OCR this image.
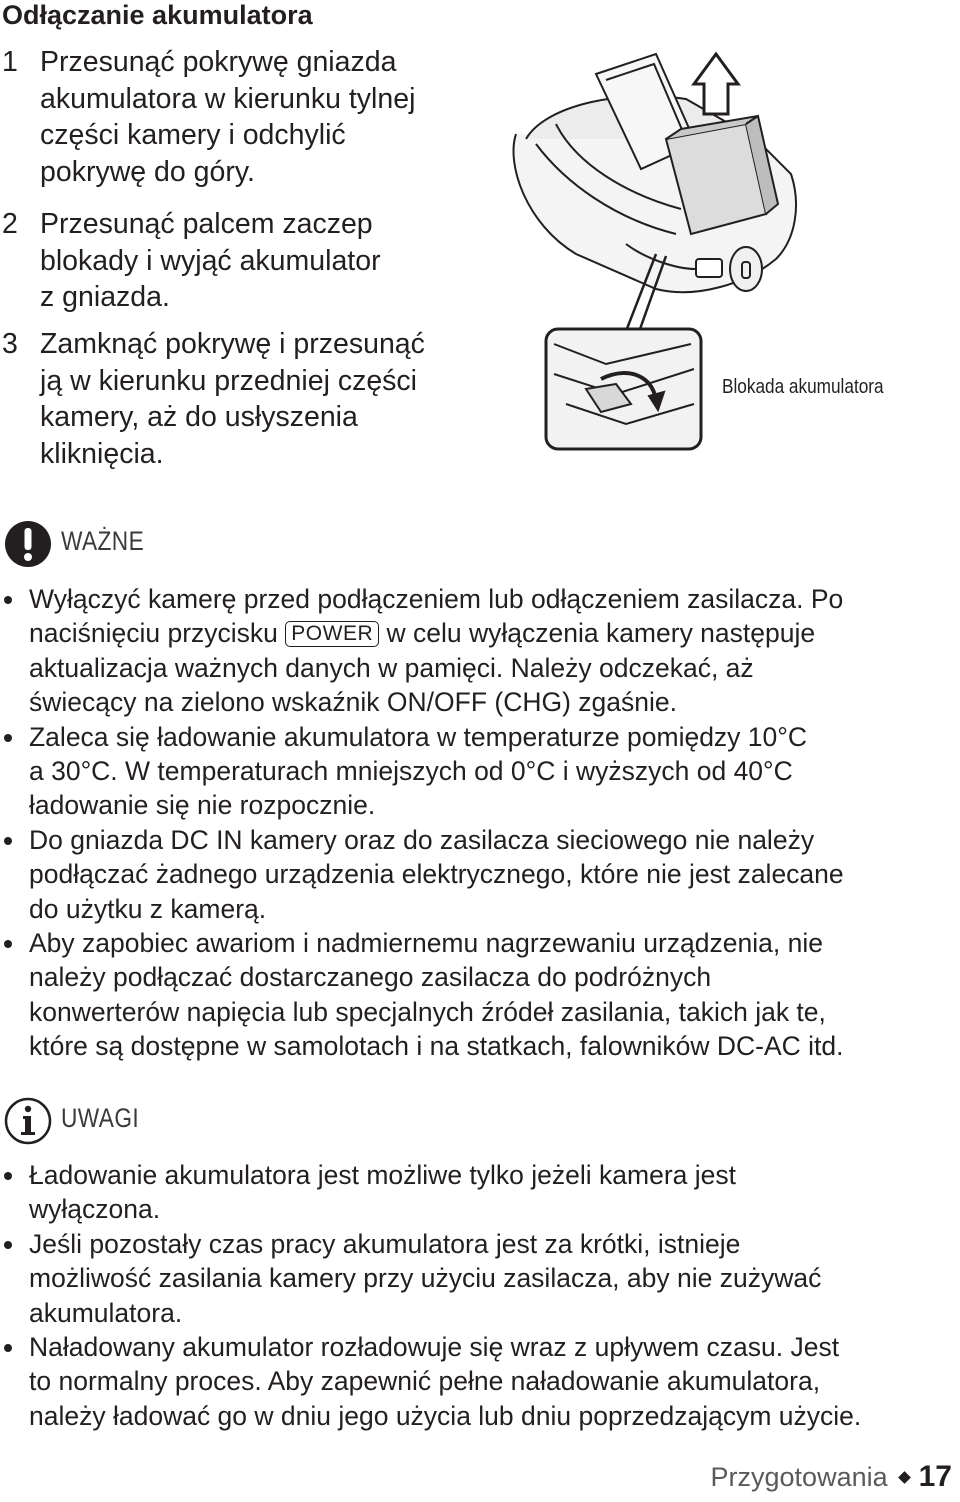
Odłączanie akumulatora
1 Przesunąć pokrywę gniazda
akumulatora w kierunku tylnej
części kamery i odchylić
pokrywę do góry.
2 Przesunąć palcem zaczep
blokady i wyjąć akumulator
z gniazda.
3 Zamknąć pokrywę i przesunąć
ją w kierunku przedniej części
kamery, aż do usłyszenia
kliknięcia.
Blokada akumulatora
WAŻNE
Wyłączyć kamerę przed podłączeniem lub odłączeniem zasilacza. Po
naciśnięciu przycisku POWER w celu wyłączenia kamery następuje
aktualizacja ważnych danych w pamięci. Należy odczekać, aż
świecący na zielono wskaźnik ON/OFF (CHG) zgaśnie.
Zaleca się ładowanie akumulatora w temperaturze pomiędzy 10°C
a 30°C. W temperaturach mniejszych od 0°C i wyższych od 40°C
ładowanie się nie rozpocznie.
Do gniazda DC IN kamery oraz do zasilacza sieciowego nie należy
podłączać żadnego urządzenia elektrycznego, które nie jest zalecane
do użytku z kamerą.
Aby zapobiec awariom i nadmiernemu nagrzewaniu urządzenia, nie
należy podłączać dostarczanego zasilacza do podróżnych
konwerterów napięcia lub specjalnych źródeł zasilania, takich jak te,
które są dostępne w samolotach i na statkach, falowników DC-AC itd.
UWAGI
Ładowanie akumulatora jest możliwe tylko jeżeli kamera jest
wyłączona.
Jeśli pozostały czas pracy akumulatora jest za krótki, istnieje
możliwość zasilania kamery przy użyciu zasilacza, aby nie zużywać
akumulatora.
Naładowany akumulator rozładowuje się wraz z upływem czasu. Jest
to normalny proces. Aby zapewnić pełne naładowanie akumulatora,
należy ładować go w dniu jego użycia lub dniu poprzedzającym użycie.
Przygotowania 17
